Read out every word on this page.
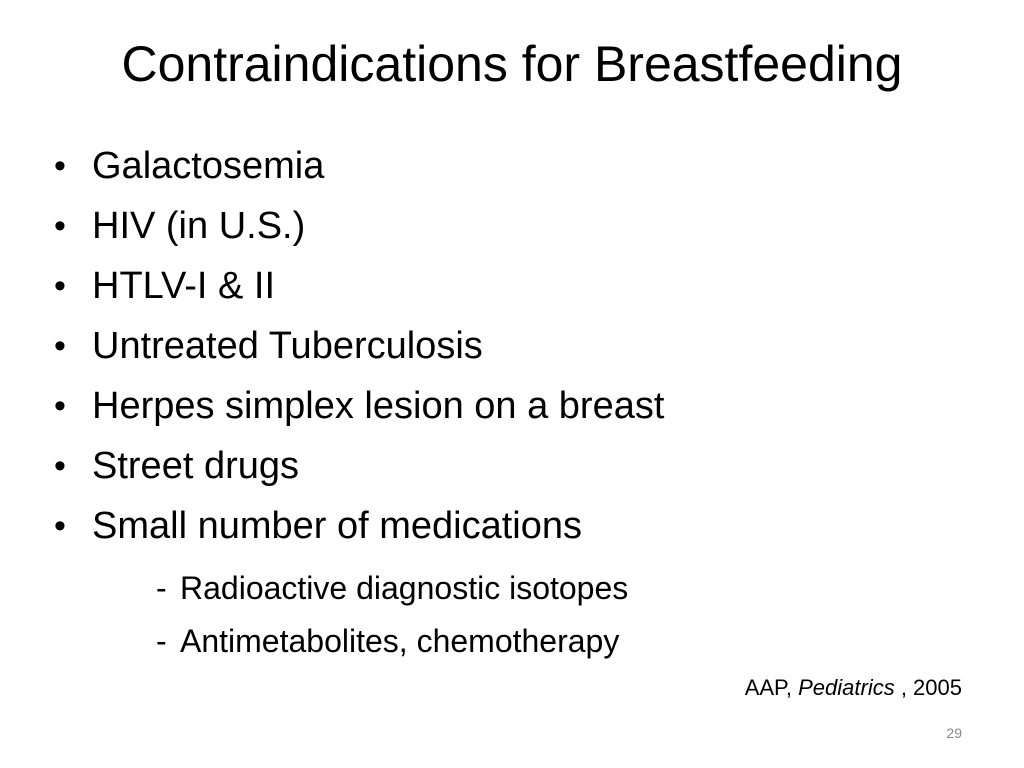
Contraindications for Breastfeeding
• Galactosemia
• HIV (in U.S.)
• HTLV-I & II
• Untreated Tuberculosis
• Herpes simplex lesion on a breast
• Street drugs
• Small number of medications
- Radioactive diagnostic isotopes
- Antimetabolites, chemotherapy
AAP, Pediatrics , 2005
29
